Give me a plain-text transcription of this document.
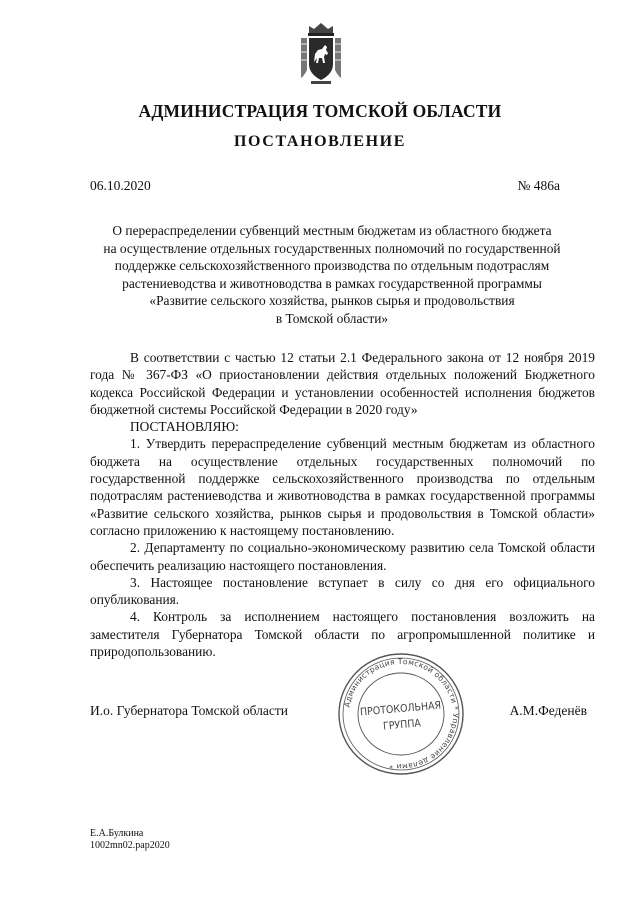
АДМИНИСТРАЦИЯ ТОМСКОЙ ОБЛАСТИ
ПОСТАНОВЛЕНИЕ
06.10.2020	№ 486а
О перераспределении субвенций местным бюджетам из областного бюджета
на осуществление отдельных государственных полномочий по государственной
поддержке сельскохозяйственного производства по отдельным подотраслям
растениеводства и животноводства в рамках государственной программы
«Развитие сельского хозяйства, рынков сырья и продовольствия
в Томской области»

В соответствии с частью 12 статьи 2.1 Федерального закона от 12 ноября 2019 года № 367-ФЗ «О приостановлении действия отдельных положений Бюджетного кодекса Российской Федерации и установлении особенностей исполнения бюджетов бюджетной системы Российской Федерации в 2020 году»

ПОСТАНОВЛЯЮ:

1. Утвердить перераспределение субвенций местным бюджетам из областного бюджета на осуществление отдельных государственных полномочий по государственной поддержке сельскохозяйственного производства по отдельным подотраслям растениеводства и животноводства в рамках государственной программы «Развитие сельского хозяйства, рынков сырья и продовольствия в Томской области» согласно приложению к настоящему постановлению.

2. Департаменту по социально-экономическому развитию села Томской области обеспечить реализацию настоящего постановления.

3. Настоящее постановление вступает в силу со дня его официального опубликования.

4. Контроль за исполнением настоящего постановления возложить на заместителя Губернатора Томской области по агропромышленной политике и природопользованию.

И.о. Губернатора Томской области	А.М.Феденёв
Администрация Томской области * Управление делами *
ПРОТОКОЛЬНАЯ
ГРУППА
Е.А.Булкина
1002mn02.pap2020
